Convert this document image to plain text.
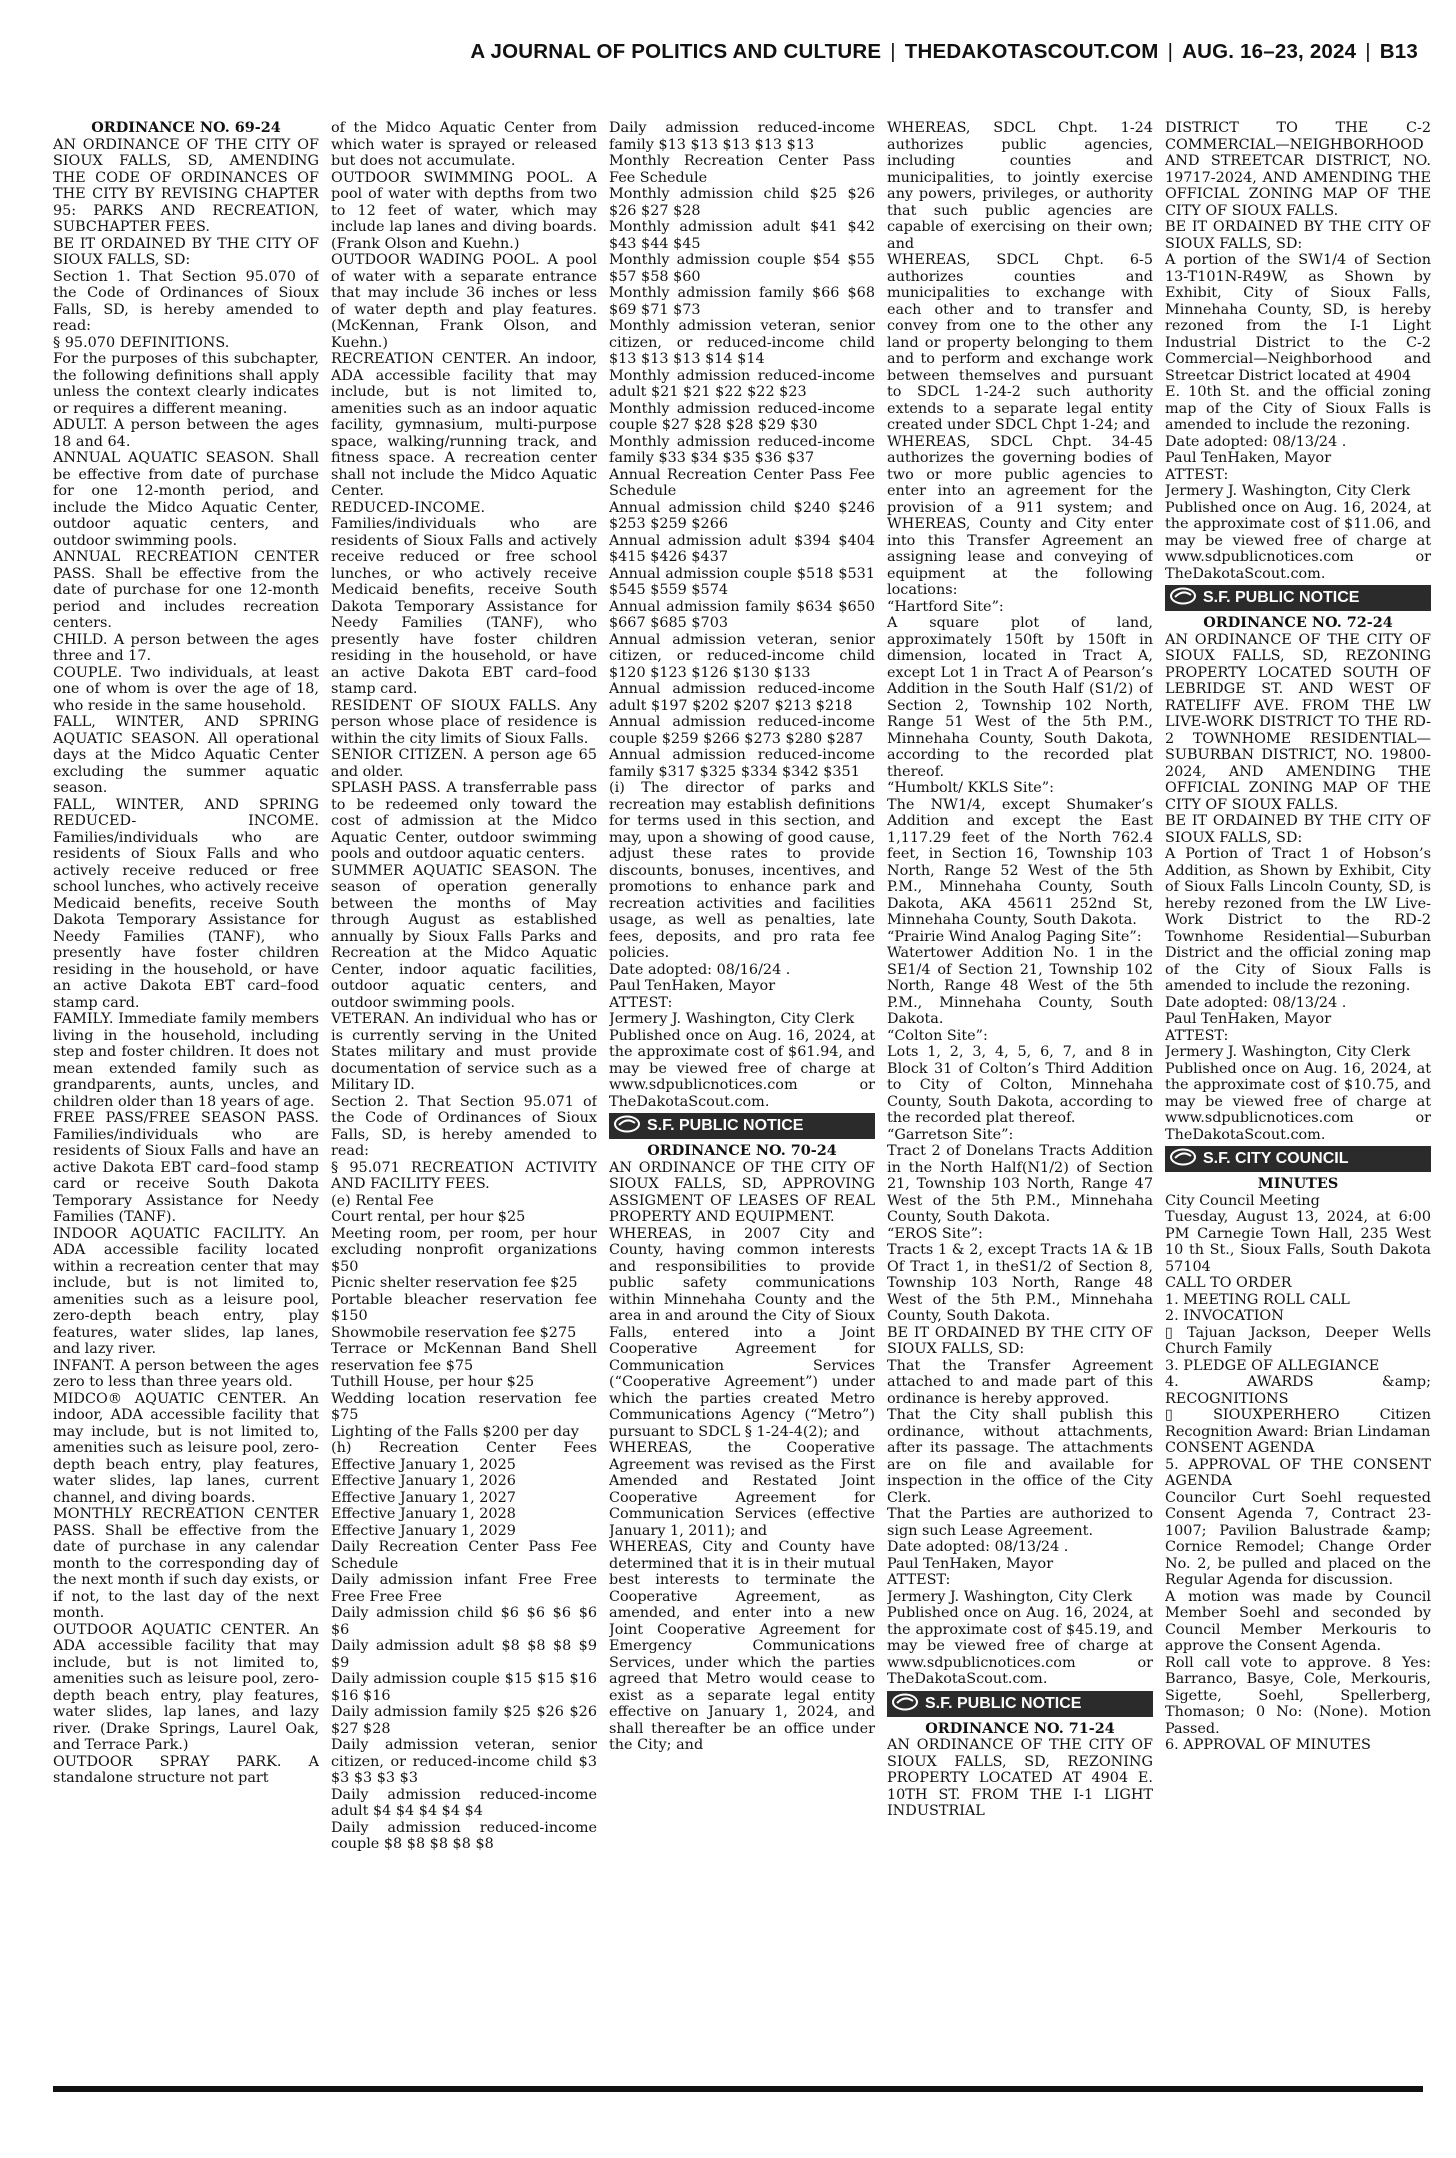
A JOURNAL OF POLITICS AND CULTURE | THEDAKOTASCOUT.COM | AUG. 16–23, 2024 | B13

ORDINANCE NO. 69-24

AN ORDINANCE OF THE CITY OF SIOUX FALLS, SD, AMENDING THE CODE OF ORDINANCES OF THE CITY BY REVISING CHAPTER 95: PARKS AND RECREATION, SUBCHAPTER FEES.

BE IT ORDAINED BY THE CITY OF SIOUX FALLS, SD:

Section 1. That Section 95.070 of the Code of Ordinances of Sioux Falls, SD, is hereby amended to read:

§ 95.070 DEFINITIONS.

For the purposes of this subchapter, the following definitions shall apply unless the context clearly indicates or requires a different meaning.

ADULT. A person between the ages 18 and 64.

ANNUAL AQUATIC SEASON. Shall be effective from date of purchase for one 12-month period, and include the Midco Aquatic Center, outdoor aquatic centers, and outdoor swimming pools.

ANNUAL RECREATION CENTER PASS. Shall be effective from the date of purchase for one 12-month period and includes recreation centers.

CHILD. A person between the ages three and 17.

COUPLE. Two individuals, at least one of whom is over the age of 18, who reside in the same household.

FALL, WINTER, AND SPRING AQUATIC SEASON. All operational days at the Midco Aquatic Center excluding the summer aquatic season.

FALL, WINTER, AND SPRING REDUCED- INCOME. Families/individuals who are residents of Sioux Falls and who actively receive reduced or free school lunches, who actively receive Medicaid benefits, receive South Dakota Temporary Assistance for Needy Families (TANF), who presently have foster children residing in the household, or have an active Dakota EBT card–food stamp card.

FAMILY. Immediate family members living in the household, including step and foster children. It does not mean extended family such as grandparents, aunts, uncles, and children older than 18 years of age.

FREE PASS/FREE SEASON PASS. Families/individuals who are residents of Sioux Falls and have an active Dakota EBT card–food stamp card or receive South Dakota Temporary Assistance for Needy Families (TANF).

INDOOR AQUATIC FACILITY. An ADA accessible facility located within a recreation center that may include, but is not limited to, amenities such as a leisure pool, zero-depth beach entry, play features, water slides, lap lanes, and lazy river.

INFANT. A person between the ages zero to less than three years old.

MIDCO® AQUATIC CENTER. An indoor, ADA accessible facility that may include, but is not limited to, amenities such as leisure pool, zero-depth beach entry, play features, water slides, lap lanes, current channel, and diving boards.

MONTHLY RECREATION CENTER PASS. Shall be effective from the date of purchase in any calendar month to the corresponding day of the next month if such day exists, or if not, to the last day of the next month.

OUTDOOR AQUATIC CENTER. An ADA accessible facility that may include, but is not limited to, amenities such as leisure pool, zero-depth beach entry, play features, water slides, lap lanes, and lazy river. (Drake Springs, Laurel Oak, and Terrace Park.)

OUTDOOR SPRAY PARK. A standalone structure not part

of the Midco Aquatic Center from which water is sprayed or released but does not accumulate.

OUTDOOR SWIMMING POOL. A pool of water with depths from two to 12 feet of water, which may include lap lanes and diving boards. (Frank Olson and Kuehn.)

OUTDOOR WADING POOL. A pool of water with a separate entrance that may include 36 inches or less of water depth and play features. (McKennan, Frank Olson, and Kuehn.)

RECREATION CENTER. An indoor, ADA accessible facility that may include, but is not limited to, amenities such as an indoor aquatic facility, gymnasium, multi-purpose space, walking/running track, and fitness space. A recreation center shall not include the Midco Aquatic Center.

REDUCED-INCOME. Families/individuals who are residents of Sioux Falls and actively receive reduced or free school lunches, or who actively receive Medicaid benefits, receive South Dakota Temporary Assistance for Needy Families (TANF), who presently have foster children residing in the household, or have an active Dakota EBT card–food stamp card.

RESIDENT OF SIOUX FALLS. Any person whose place of residence is within the city limits of Sioux Falls.

SENIOR CITIZEN. A person age 65 and older.

SPLASH PASS. A transferrable pass to be redeemed only toward the cost of admission at the Midco Aquatic Center, outdoor swimming pools and outdoor aquatic centers.

SUMMER AQUATIC SEASON. The season of operation generally between the months of May through August as established annually by Sioux Falls Parks and Recreation at the Midco Aquatic Center, indoor aquatic facilities, outdoor aquatic centers, and outdoor swimming pools.

VETERAN. An individual who has or is currently serving in the United States military and must provide documentation of service such as a Military ID.

Section 2. That Section 95.071 of the Code of Ordinances of Sioux Falls, SD, is hereby amended to read:

§ 95.071 RECREATION ACTIVITY AND FACILITY FEES.

(e) Rental Fee

Court rental, per hour $25

Meeting room, per room, per hour excluding nonprofit organizations $50

Picnic shelter reservation fee $25

Portable bleacher reservation fee $150

Showmobile reservation fee $275

Terrace or McKennan Band Shell reservation fee $75

Tuthill House, per hour $25

Wedding location reservation fee $75

Lighting of the Falls $200 per day

(h) Recreation Center Fees Effective January 1, 2025

Effective January 1, 2026

Effective January 1, 2027

Effective January 1, 2028

Effective January 1, 2029

Daily Recreation Center Pass Fee Schedule

Daily admission infant Free Free Free Free Free

Daily admission child $6 $6 $6 $6 $6

Daily admission adult $8 $8 $8 $9 $9

Daily admission couple $15 $15 $16 $16 $16

Daily admission family $25 $26 $26 $27 $28

Daily admission veteran, senior citizen, or reduced-income child $3 $3 $3 $3 $3

Daily admission reduced-income adult $4 $4 $4 $4 $4

Daily admission reduced-income couple $8 $8 $8 $8 $8

Daily admission reduced-income family $13 $13 $13 $13 $13

Monthly Recreation Center Pass Fee Schedule

Monthly admission child $25 $26 $26 $27 $28

Monthly admission adult $41 $42 $43 $44 $45

Monthly admission couple $54 $55 $57 $58 $60

Monthly admission family $66 $68 $69 $71 $73

Monthly admission veteran, senior citizen, or reduced-income child $13 $13 $13 $14 $14

Monthly admission reduced-income adult $21 $21 $22 $22 $23

Monthly admission reduced-income couple $27 $28 $28 $29 $30

Monthly admission reduced-income family $33 $34 $35 $36 $37

Annual Recreation Center Pass Fee Schedule

Annual admission child $240 $246 $253 $259 $266

Annual admission adult $394 $404 $415 $426 $437

Annual admission couple $518 $531 $545 $559 $574

Annual admission family $634 $650 $667 $685 $703

Annual admission veteran, senior citizen, or reduced-income child $120 $123 $126 $130 $133

Annual admission reduced-income adult $197 $202 $207 $213 $218

Annual admission reduced-income couple $259 $266 $273 $280 $287

Annual admission reduced-income family $317 $325 $334 $342 $351

(i) The director of parks and recreation may establish definitions for terms used in this section, and may, upon a showing of good cause, adjust these rates to provide discounts, bonuses, incentives, and promotions to enhance park and recreation activities and facilities usage, as well as penalties, late fees, deposits, and pro rata fee policies.

Date adopted: 08/16/24 .

Paul TenHaken, Mayor

ATTEST:

Jermery J. Washington, City Clerk

Published once on Aug. 16, 2024, at the approximate cost of $61.94, and may be viewed free of charge at www.sdpublicnotices.com or TheDakotaScout.com.

S.F. PUBLIC NOTICE

ORDINANCE NO. 70-24

AN ORDINANCE OF THE CITY OF SIOUX FALLS, SD, APPROVING ASSIGMENT OF LEASES OF REAL PROPERTY AND EQUIPMENT.

WHEREAS, in 2007 City and County, having common interests and responsibilities to provide public safety communications within Minnehaha County and the area in and around the City of Sioux Falls, entered into a Joint Cooperative Agreement for Communication Services (“Cooperative Agreement”) under which the parties created Metro Communications Agency (“Metro”) pursuant to SDCL § 1-24-4(2); and

WHEREAS, the Cooperative Agreement was revised as the First Amended and Restated Joint Cooperative Agreement for Communication Services (effective January 1, 2011); and

WHEREAS, City and County have determined that it is in their mutual best interests to terminate the Cooperative Agreement, as amended, and enter into a new Joint Cooperative Agreement for Emergency Communications Services, under which the parties agreed that Metro would cease to exist as a separate legal entity effective on January 1, 2024, and shall thereafter be an office under the City; and

WHEREAS, SDCL Chpt. 1-24 authorizes public agencies, including counties and municipalities, to jointly exercise any powers, privileges, or authority that such public agencies are capable of exercising on their own; and

WHEREAS, SDCL Chpt. 6-5 authorizes counties and municipalities to exchange with each other and to transfer and convey from one to the other any land or property belonging to them and to perform and exchange work between themselves and pursuant to SDCL 1-24-2 such authority extends to a separate legal entity created under SDCL Chpt 1-24; and

WHEREAS, SDCL Chpt. 34-45 authorizes the governing bodies of two or more public agencies to enter into an agreement for the provision of a 911 system; and WHEREAS, County and City enter into this Transfer Agreement an assigning lease and conveying of equipment at the following locations:

“Hartford Site”:

A square plot of land, approximately 150ft by 150ft in dimension, located in Tract A, except Lot 1 in Tract A of Pearson’s Addition in the South Half (S1/2) of Section 2, Township 102 North, Range 51 West of the 5th P.M., Minnehaha County, South Dakota, according to the recorded plat thereof.

“Humbolt/ KKLS Site”:

The NW1/4, except Shumaker’s Addition and except the East 1,117.29 feet of the North 762.4 feet, in Section 16, Township 103 North, Range 52 West of the 5th P.M., Minnehaha County, South Dakota, AKA 45611 252nd St, Minnehaha County, South Dakota.

“Prairie Wind Analog Paging Site”:

Watertower Addition No. 1 in the SE1/4 of Section 21, Township 102 North, Range 48 West of the 5th P.M., Minnehaha County, South Dakota.

“Colton Site”:

Lots 1, 2, 3, 4, 5, 6, 7, and 8 in Block 31 of Colton’s Third Addition to City of Colton, Minnehaha County, South Dakota, according to the recorded plat thereof.

“Garretson Site”:

Tract 2 of Donelans Tracts Addition in the North Half(N1/2) of Section 21, Township 103 North, Range 47 West of the 5th P.M., Minnehaha County, South Dakota.

“EROS Site”:

Tracts 1 & 2, except Tracts 1A & 1B Of Tract 1, in theS1/2 of Section 8, Township 103 North, Range 48 West of the 5th P.M., Minnehaha County, South Dakota.

BE IT ORDAINED BY THE CITY OF SIOUX FALLS, SD:

That the Transfer Agreement attached to and made part of this ordinance is hereby approved.

That the City shall publish this ordinance, without attachments, after its passage. The attachments are on file and available for inspection in the office of the City Clerk.

That the Parties are authorized to sign such Lease Agreement.

Date adopted: 08/13/24 .

Paul TenHaken, Mayor

ATTEST:

Jermery J. Washington, City Clerk

Published once on Aug. 16, 2024, at the approximate cost of $45.19, and may be viewed free of charge at www.sdpublicnotices.com or TheDakotaScout.com.

S.F. PUBLIC NOTICE

ORDINANCE NO. 71-24

AN ORDINANCE OF THE CITY OF SIOUX FALLS, SD, REZONING PROPERTY LOCATED AT 4904 E. 10TH ST. FROM THE I-1 LIGHT INDUSTRIAL

DISTRICT TO THE C-2 COMMERCIAL—NEIGHBORHOOD AND STREETCAR DISTRICT, NO. 19717-2024, AND AMENDING THE OFFICIAL ZONING MAP OF THE CITY OF SIOUX FALLS.

BE IT ORDAINED BY THE CITY OF SIOUX FALLS, SD:

A portion of the SW1/4 of Section 13-T101N-R49W, as Shown by Exhibit, City of Sioux Falls, Minnehaha County, SD, is hereby rezoned from the I-1 Light Industrial District to the C-2 Commercial—Neighborhood and Streetcar District located at 4904

E. 10th St. and the official zoning map of the City of Sioux Falls is amended to include the rezoning.

Date adopted: 08/13/24 .

Paul TenHaken, Mayor

ATTEST:

Jermery J. Washington, City Clerk

Published once on Aug. 16, 2024, at the approximate cost of $11.06, and may be viewed free of charge at www.sdpublicnotices.com or TheDakotaScout.com.

S.F. PUBLIC NOTICE

ORDINANCE NO. 72-24

AN ORDINANCE OF THE CITY OF SIOUX FALLS, SD, REZONING PROPERTY LOCATED SOUTH OF LEBRIDGE ST. AND WEST OF RATELIFF AVE. FROM THE LW LIVE-WORK DISTRICT TO THE RD-2 TOWNHOME RESIDENTIAL—SUBURBAN DISTRICT, NO. 19800-2024, AND AMENDING THE OFFICIAL ZONING MAP OF THE CITY OF SIOUX FALLS.

BE IT ORDAINED BY THE CITY OF SIOUX FALLS, SD:

A Portion of Tract 1 of Hobson’s Addition, as Shown by Exhibit, City of Sioux Falls Lincoln County, SD, is hereby rezoned from the LW Live-Work District to the RD-2 Townhome Residential—Suburban District and the official zoning map of the City of Sioux Falls is amended to include the rezoning.

Date adopted: 08/13/24 .

Paul TenHaken, Mayor

ATTEST:

Jermery J. Washington, City Clerk

Published once on Aug. 16, 2024, at the approximate cost of $10.75, and may be viewed free of charge at www.sdpublicnotices.com or TheDakotaScout.com.

S.F. CITY COUNCIL

MINUTES

City Council Meeting

Tuesday, August 13, 2024, at 6:00 PM Carnegie Town Hall, 235 West 10 th St., Sioux Falls, South Dakota 57104

CALL TO ORDER

1. MEETING ROLL CALL

2. INVOCATION

▯ Tajuan Jackson, Deeper Wells Church Family

3. PLEDGE OF ALLEGIANCE

4. AWARDS &amp; RECOGNITIONS

▯ SIOUXPERHERO Citizen Recognition Award: Brian Lindaman

CONSENT AGENDA

5. APPROVAL OF THE CONSENT AGENDA

Councilor Curt Soehl requested Consent Agenda 7, Contract 23-1007; Pavilion Balustrade &amp; Cornice Remodel; Change Order No. 2, be pulled and placed on the Regular Agenda for discussion.

A motion was made by Council Member Soehl and seconded by Council Member Merkouris to approve the Consent Agenda.

Roll call vote to approve. 8 Yes: Barranco, Basye, Cole, Merkouris, Sigette, Soehl, Spellerberg, Thomason; 0 No: (None). Motion Passed.

6. APPROVAL OF MINUTES
